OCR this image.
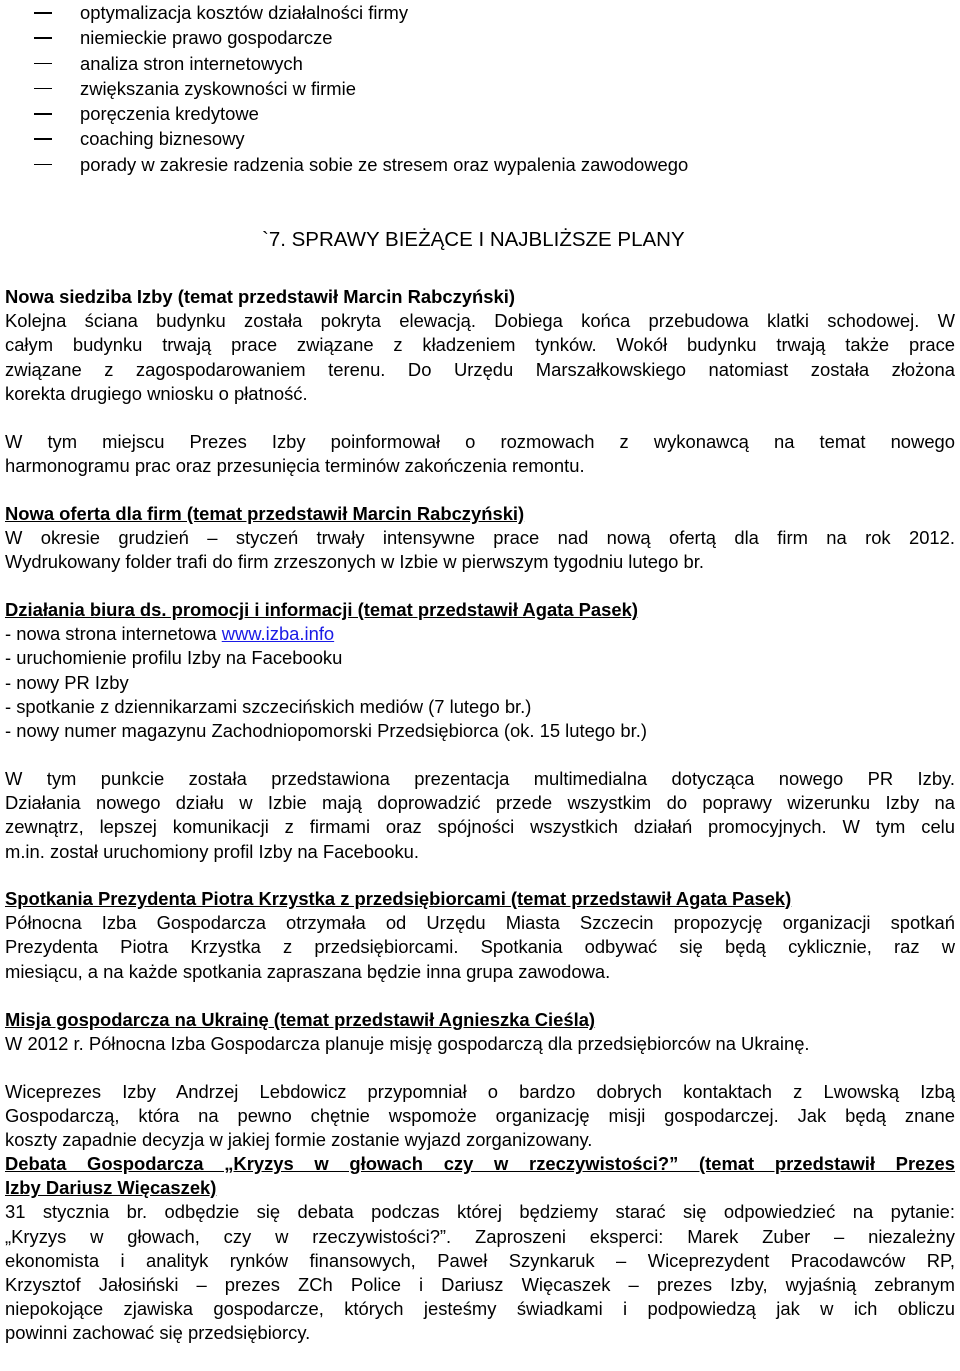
optymalizacja kosztów działalności firmy
niemieckie prawo gospodarcze
analiza stron internetowych
zwiększania zyskowności w firmie
poręczenia kredytowe
coaching biznesowy
porady w zakresie radzenia sobie ze stresem oraz wypalenia zawodowego
`7. SPRAWY BIEŻĄCE I NAJBLIŻSZE PLANY
Nowa siedziba Izby (temat przedstawił Marcin Rabczyński)
Kolejna ściana budynku została pokryta elewacją. Dobiega końca przebudowa klatki schodowej. W
całym budynku trwają prace związane z kładzeniem tynków. Wokół budynku trwają także prace
związane z zagospodarowaniem terenu. Do Urzędu Marszałkowskiego natomiast została złożona
korekta drugiego wniosku o płatność.
W tym miejscu Prezes Izby poinformował o rozmowach z wykonawcą na temat nowego
harmonogramu prac oraz przesunięcia terminów zakończenia remontu.
Nowa oferta dla firm (temat przedstawił Marcin Rabczyński)
W okresie grudzień – styczeń trwały intensywne prace nad nową ofertą dla firm na rok 2012.
Wydrukowany folder trafi do firm zrzeszonych w Izbie w pierwszym tygodniu lutego br.
Działania biura ds. promocji i informacji (temat przedstawił Agata Pasek)
- nowa strona internetowa www.izba.info
- uruchomienie profilu Izby na Facebooku
- nowy PR Izby
- spotkanie z dziennikarzami szczecińskich mediów (7 lutego br.)
- nowy numer magazynu Zachodniopomorski Przedsiębiorca (ok. 15 lutego br.)
W tym punkcie została przedstawiona prezentacja multimedialna dotycząca nowego PR Izby.
Działania nowego działu w Izbie mają doprowadzić przede wszystkim do poprawy wizerunku Izby na
zewnątrz, lepszej komunikacji z firmami oraz spójności wszystkich działań promocyjnych. W tym celu
m.in. został uruchomiony profil Izby na Facebooku.
Spotkania Prezydenta Piotra Krzystka z przedsiębiorcami (temat przedstawił Agata Pasek)
Północna Izba Gospodarcza otrzymała od Urzędu Miasta Szczecin propozycję organizacji spotkań
Prezydenta Piotra Krzystka z przedsiębiorcami. Spotkania odbywać się będą cyklicznie, raz w
miesiącu, a na każde spotkania zapraszana będzie inna grupa zawodowa.
Misja gospodarcza na Ukrainę (temat przedstawił Agnieszka Cieśla)
W 2012 r. Północna Izba Gospodarcza planuje misję gospodarczą dla przedsiębiorców na Ukrainę.
Wiceprezes Izby Andrzej Lebdowicz przypomniał o bardzo dobrych kontaktach z Lwowską Izbą
Gospodarczą, która na pewno chętnie wspomoże organizację misji gospodarczej. Jak będą znane
koszty zapadnie decyzja w jakiej formie zostanie wyjazd zorganizowany.
Debata Gospodarcza „Kryzys w głowach czy w rzeczywistości?” (temat przedstawił Prezes
Izby Dariusz Więcaszek)
31 stycznia br. odbędzie się debata podczas której będziemy starać się odpowiedzieć na pytanie:
„Kryzys w głowach, czy w rzeczywistości?”. Zaproszeni eksperci: Marek Zuber – niezależny
ekonomista i analityk rynków finansowych, Paweł Szynkaruk – Wiceprezydent Pracodawców RP,
Krzysztof Jałosiński – prezes ZCh Police i Dariusz Więcaszek – prezes Izby, wyjaśnią zebranym
niepokojące zjawiska gospodarcze, których jesteśmy świadkami i podpowiedzą jak w ich obliczu
powinni zachować się przedsiębiorcy.
